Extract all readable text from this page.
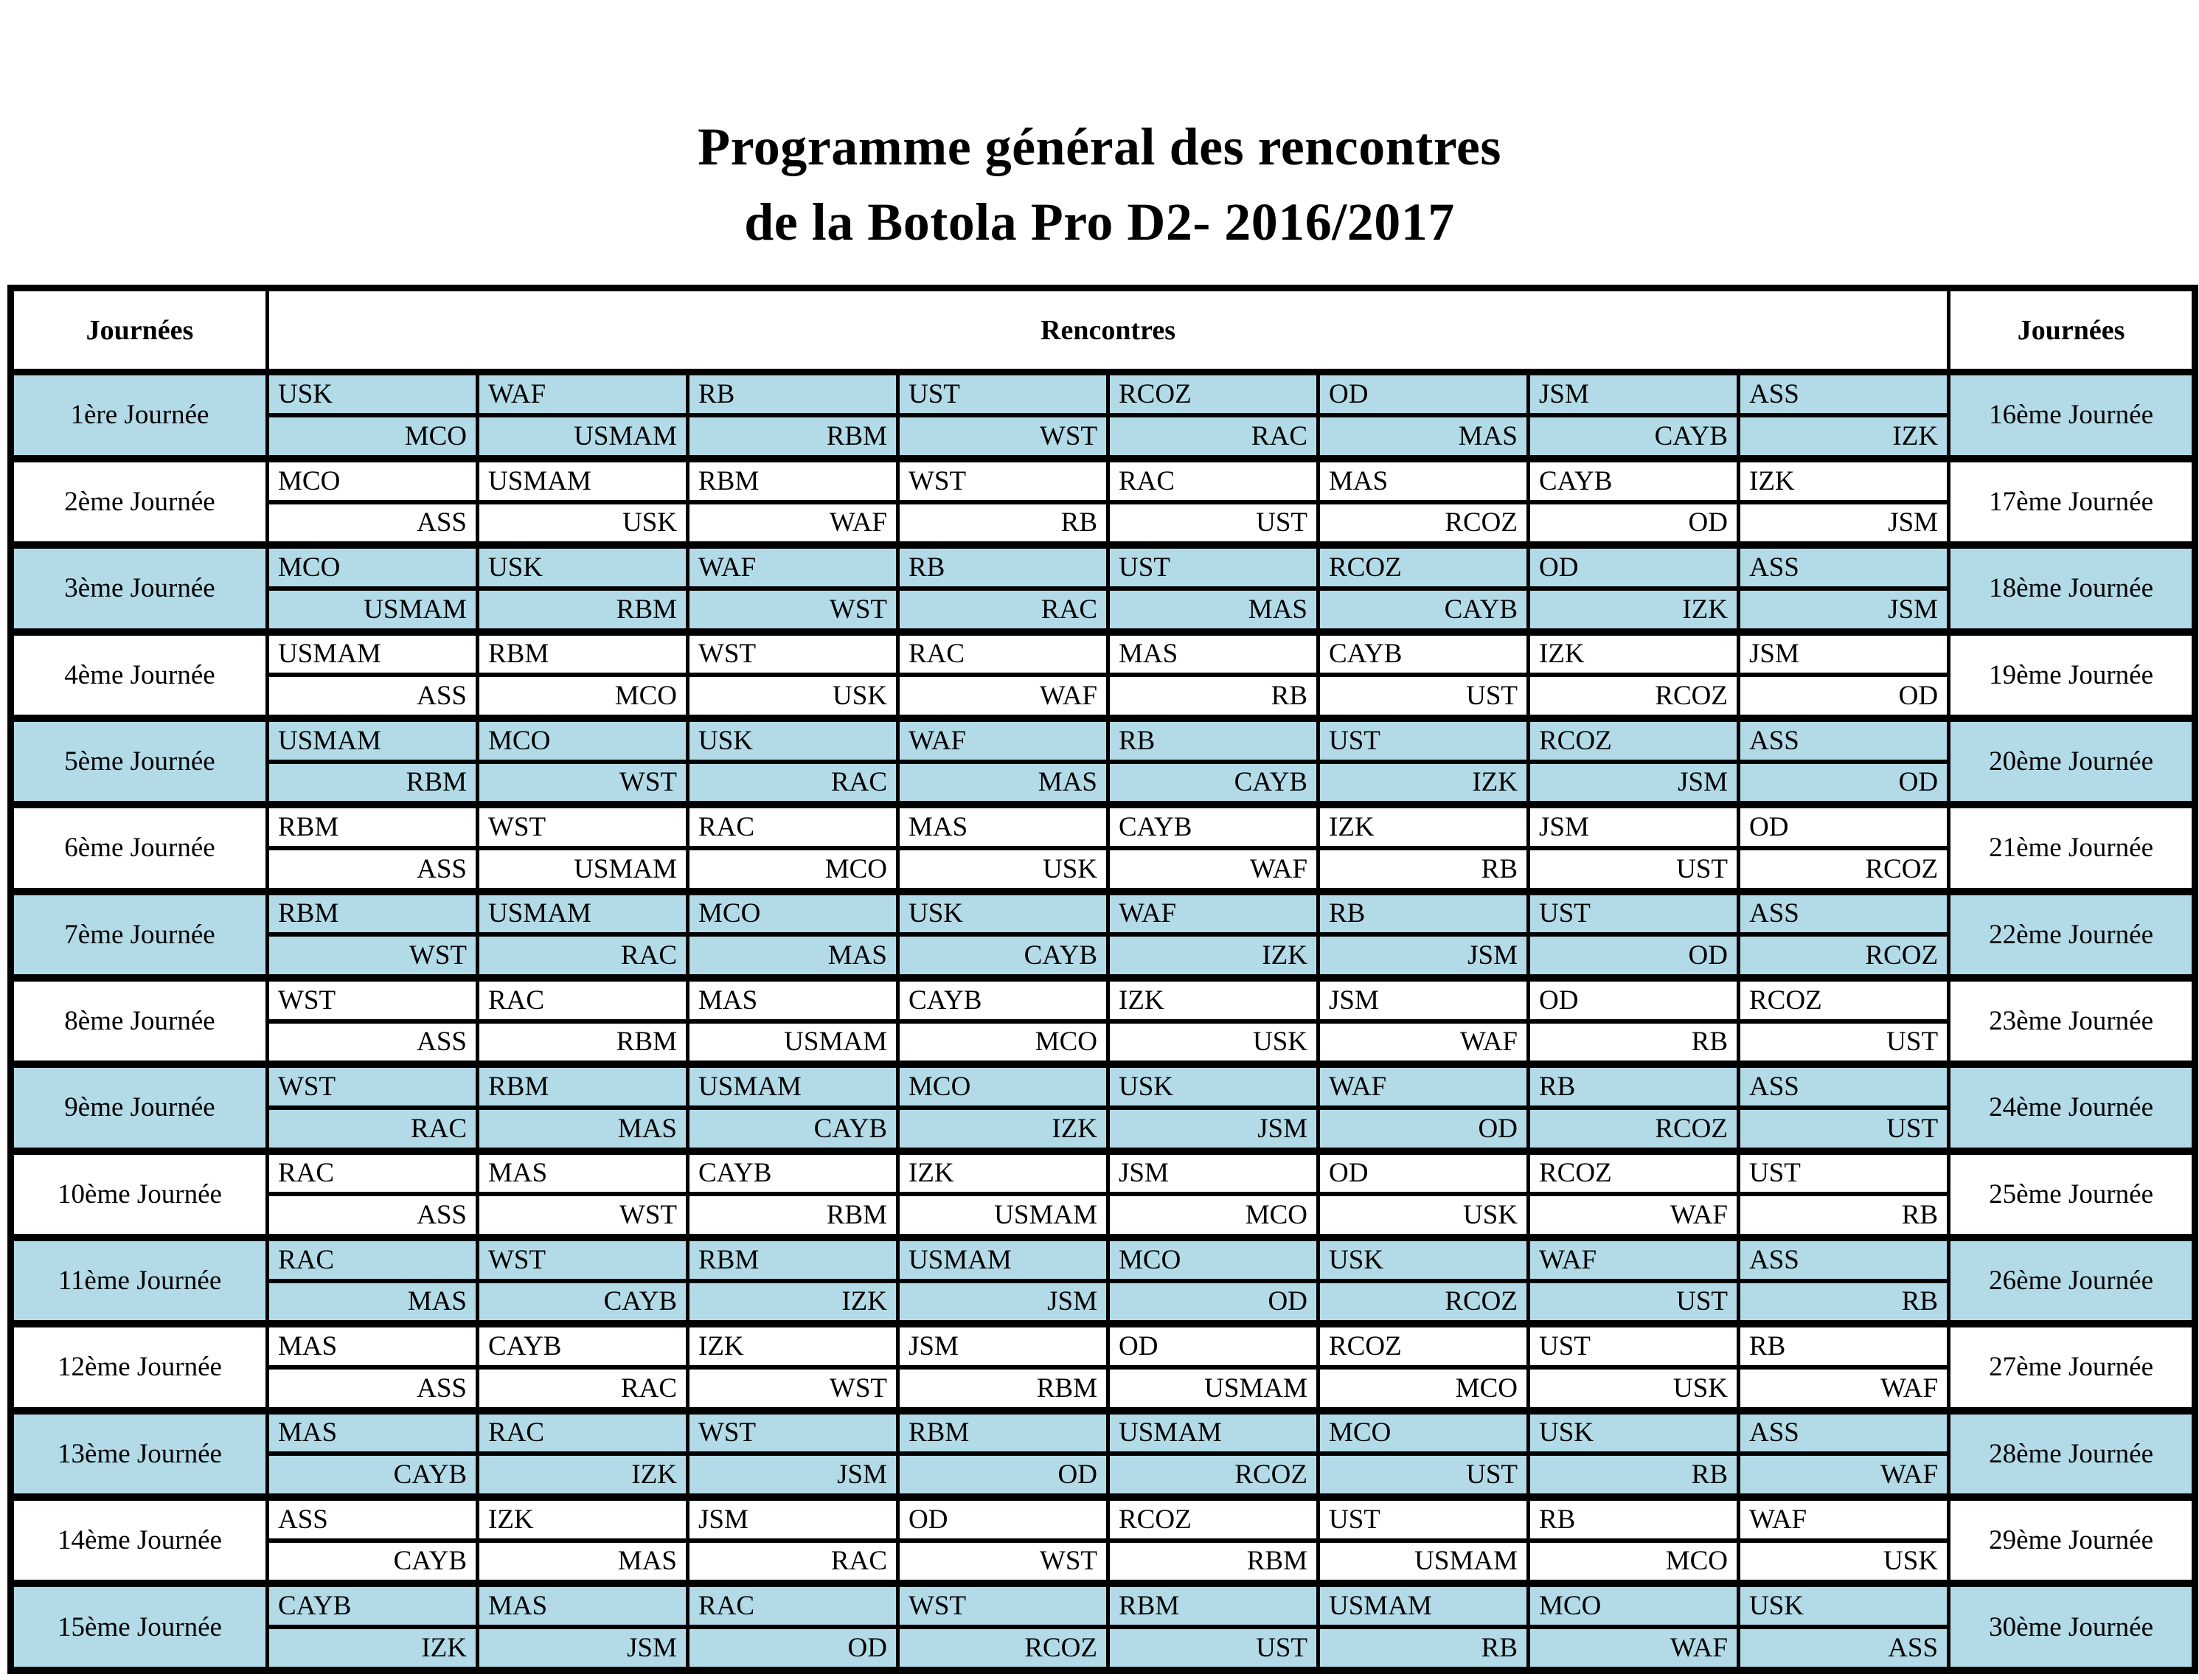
Programme général des rencontres
de la Botola Pro D2- 2016/2017
Journées	Rencontres								Journées
1ère Journée	USK	WAF	RB	UST	RCOZ	OD	JSM	ASS	16ème Journée
	MCO	USMAM	RBM	WST	RAC	MAS	CAYB	IZK	
2ème Journée	MCO	USMAM	RBM	WST	RAC	MAS	CAYB	IZK	17ème Journée
	ASS	USK	WAF	RB	UST	RCOZ	OD	JSM	
3ème Journée	MCO	USK	WAF	RB	UST	RCOZ	OD	ASS	18ème Journée
	USMAM	RBM	WST	RAC	MAS	CAYB	IZK	JSM	
4ème Journée	USMAM	RBM	WST	RAC	MAS	CAYB	IZK	JSM	19ème Journée
	ASS	MCO	USK	WAF	RB	UST	RCOZ	OD	
5ème Journée	USMAM	MCO	USK	WAF	RB	UST	RCOZ	ASS	20ème Journée
	RBM	WST	RAC	MAS	CAYB	IZK	JSM	OD	
6ème Journée	RBM	WST	RAC	MAS	CAYB	IZK	JSM	OD	21ème Journée
	ASS	USMAM	MCO	USK	WAF	RB	UST	RCOZ	
7ème Journée	RBM	USMAM	MCO	USK	WAF	RB	UST	ASS	22ème Journée
	WST	RAC	MAS	CAYB	IZK	JSM	OD	RCOZ	
8ème Journée	WST	RAC	MAS	CAYB	IZK	JSM	OD	RCOZ	23ème Journée
	ASS	RBM	USMAM	MCO	USK	WAF	RB	UST	
9ème Journée	WST	RBM	USMAM	MCO	USK	WAF	RB	ASS	24ème Journée
	RAC	MAS	CAYB	IZK	JSM	OD	RCOZ	UST	
10ème Journée	RAC	MAS	CAYB	IZK	JSM	OD	RCOZ	UST	25ème Journée
	ASS	WST	RBM	USMAM	MCO	USK	WAF	RB	
11ème Journée	RAC	WST	RBM	USMAM	MCO	USK	WAF	ASS	26ème Journée
	MAS	CAYB	IZK	JSM	OD	RCOZ	UST	RB	
12ème Journée	MAS	CAYB	IZK	JSM	OD	RCOZ	UST	RB	27ème Journée
	ASS	RAC	WST	RBM	USMAM	MCO	USK	WAF	
13ème Journée	MAS	RAC	WST	RBM	USMAM	MCO	USK	ASS	28ème Journée
	CAYB	IZK	JSM	OD	RCOZ	UST	RB	WAF	
14ème Journée	ASS	IZK	JSM	OD	RCOZ	UST	RB	WAF	29ème Journée
	CAYB	MAS	RAC	WST	RBM	USMAM	MCO	USK	
15ème Journée	CAYB	MAS	RAC	WST	RBM	USMAM	MCO	USK	30ème Journée
	IZK	JSM	OD	RCOZ	UST	RB	WAF	ASS	
